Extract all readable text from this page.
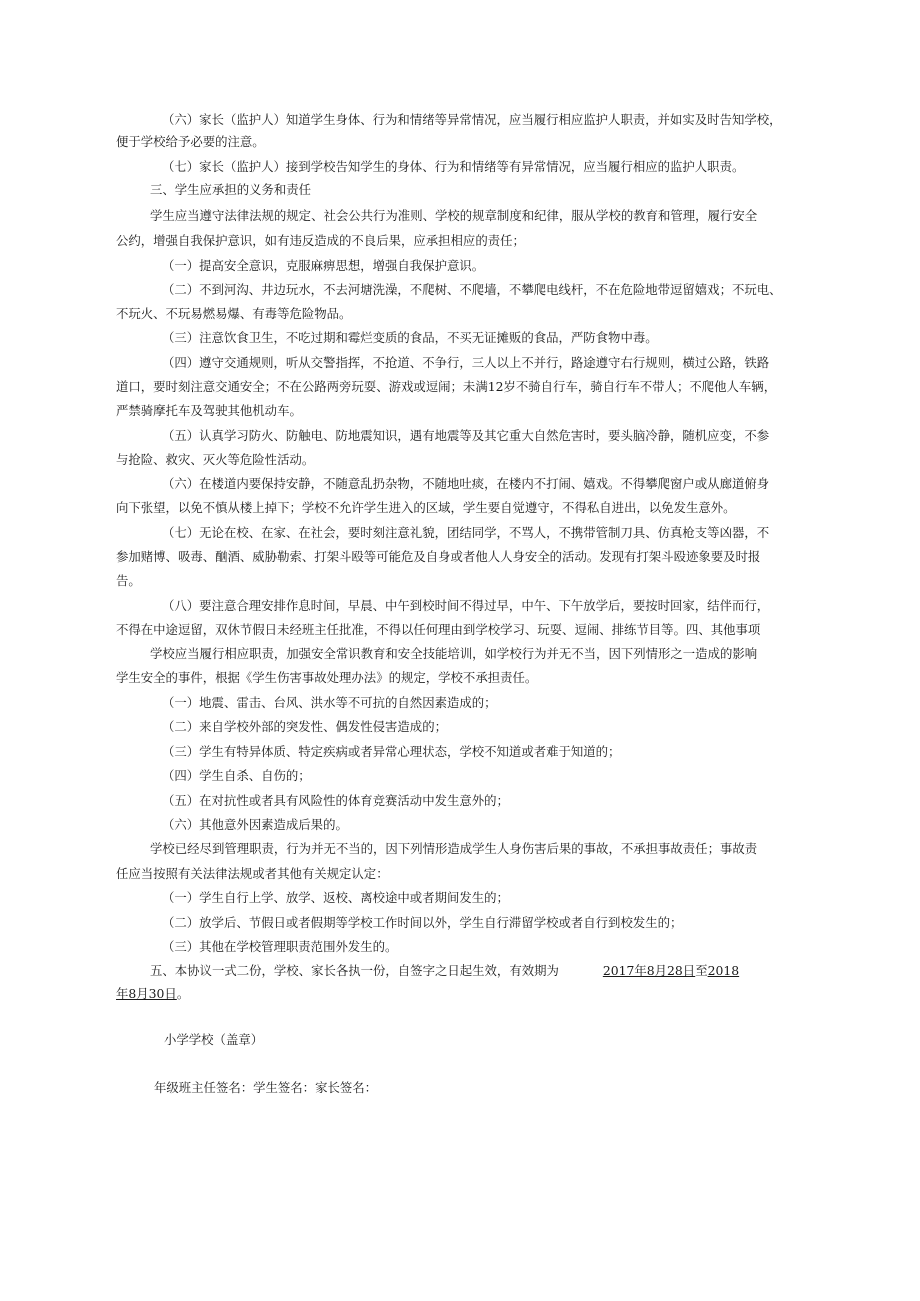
（六）家长（监护人）知道学生身体、行为和情绪等异常情况，应当履行相应监护人职责，并如实及时告知学校，
便于学校给予必要的注意。
（七）家长（监护人）接到学校告知学生的身体、行为和情绪等有异常情况，应当履行相应的监护人职责。
三、学生应承担的义务和责任
学生应当遵守法律法规的规定、社会公共行为准则、学校的规章制度和纪律，服从学校的教育和管理，履行安全
公约，增强自我保护意识，如有违反造成的不良后果，应承担相应的责任；
（一）提高安全意识，克服麻痹思想，增强自我保护意识。
（二）不到河沟、井边玩水，不去河塘洗澡，不爬树、不爬墙，不攀爬电线杆，不在危险地带逗留嬉戏；不玩电、
不玩火、不玩易燃易爆、有毒等危险物品。
（三）注意饮食卫生，不吃过期和霉烂变质的食品，不买无证摊贩的食品，严防食物中毒。
（四）遵守交通规则，听从交警指挥，不抢道、不争行，三人以上不并行，路途遵守右行规则，横过公路，铁路
道口，要时刻注意交通安全；不在公路两旁玩耍、游戏或逗闹；未满12岁不骑自行车，骑自行车不带人；不爬他人车辆，
严禁骑摩托车及驾驶其他机动车。
（五）认真学习防火、防触电、防地震知识，遇有地震等及其它重大自然危害时，要头脑冷静，随机应变，不参
与抢险、救灾、灭火等危险性活动。
（六）在楼道内要保持安静，不随意乱扔杂物，不随地吐痰，在楼内不打闹、嬉戏。不得攀爬窗户或从廊道俯身
向下张望，以免不慎从楼上掉下；学校不允许学生进入的区域，学生要自觉遵守，不得私自进出，以免发生意外。
（七）无论在校、在家、在社会，要时刻注意礼貌，团结同学，不骂人，不携带管制刀具、仿真枪支等凶器，不
参加赌博、吸毒、酗酒、威胁勒索、打架斗殴等可能危及自身或者他人人身安全的活动。发现有打架斗殴迹象要及时报
告。
（八）要注意合理安排作息时间，早晨、中午到校时间不得过早，中午、下午放学后，要按时回家，结伴而行，
不得在中途逗留，双休节假日未经班主任批准，不得以任何理由到学校学习、玩耍、逗闹、排练节目等。四、其他事项
学校应当履行相应职责，加强安全常识教育和安全技能培训，如学校行为并无不当，因下列情形之一造成的影响
学生安全的事件，根据《学生伤害事故处理办法》的规定，学校不承担责任。
（一）地震、雷击、台风、洪水等不可抗的自然因素造成的；
（二）来自学校外部的突发性、偶发性侵害造成的；
（三）学生有特异体质、特定疾病或者异常心理状态，学校不知道或者难于知道的；
（四）学生自杀、自伤的；
（五）在对抗性或者具有风险性的体育竞赛活动中发生意外的；
（六）其他意外因素造成后果的。
学校已经尽到管理职责，行为并无不当的，因下列情形造成学生人身伤害后果的事故，不承担事故责任；事故责
任应当按照有关法律法规或者其他有关规定认定：
（一）学生自行上学、放学、返校、离校途中或者期间发生的；
（二）放学后、节假日或者假期等学校工作时间以外，学生自行滞留学校或者自行到校发生的；
（三）其他在学校管理职责范围外发生的。
五、本协议一式二份，学校、家长各执一份，自签字之日起生效，有效期为	2017年8月28日至2018
年8月30日。
小学学校（盖章）
年级班主任签名：学生签名：家长签名：
